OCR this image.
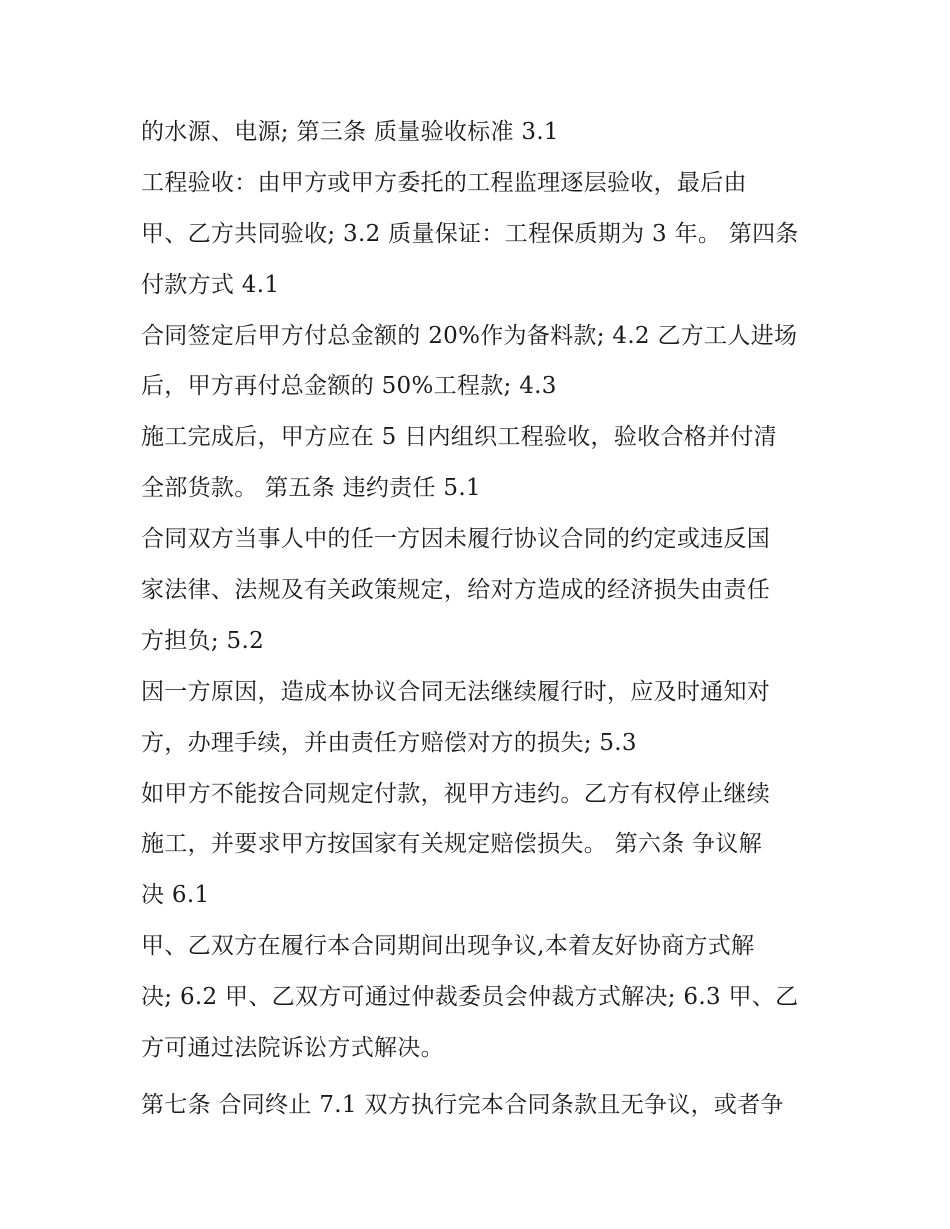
的水源、电源; 第三条 质量验收标准 3.1
工程验收：由甲方或甲方委托的工程监理逐层验收，最后由
甲、乙方共同验收; 3.2 质量保证：工程保质期为 3 年。 第四条
付款方式 4.1
合同签定后甲方付总金额的 20%作为备料款; 4.2 乙方工人进场
后，甲方再付总金额的 50%工程款; 4.3
施工完成后，甲方应在 5 日内组织工程验收，验收合格并付清
全部货款。 第五条 违约责任 5.1
合同双方当事人中的任一方因未履行协议合同的约定或违反国
家法律、法规及有关政策规定，给对方造成的经济损失由责任
方担负; 5.2
因一方原因，造成本协议合同无法继续履行时，应及时通知对
方，办理手续，并由责任方赔偿对方的损失; 5.3
如甲方不能按合同规定付款，视甲方违约。乙方有权停止继续
施工，并要求甲方按国家有关规定赔偿损失。 第六条 争议解
决 6.1
甲、乙双方在履行本合同期间出现争议,本着友好协商方式解
决; 6.2 甲、乙双方可通过仲裁委员会仲裁方式解决; 6.3 甲、乙
方可通过法院诉讼方式解决。
第七条 合同终止 7.1 双方执行完本合同条款且无争议，或者争
